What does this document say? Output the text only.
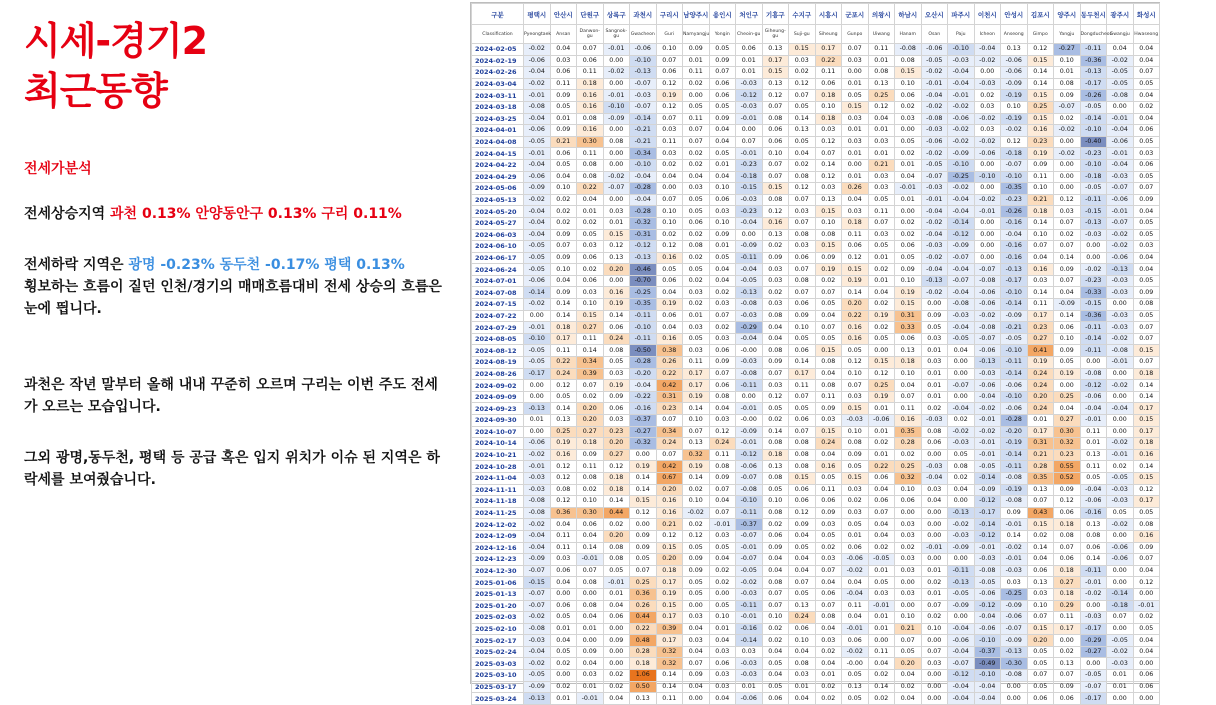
시세-경기2
최근동향
전세가분석
전세상승지역 과천 0.13% 안양동안구 0.13% 구리 0.11%
전세하락 지역은 광명 -0.23% 동두천 -0.17% 평택 0.13%
횡보하는 흐름이 짙던 인천/경기의 매매흐름대비 전세 상승의 흐름은 눈에 띕니다.
과천은 작년 말부터 올해 내내 꾸준히 오르며 구리는 이번 주도 전세가 오르는 모습입니다.
그외 광명,동두천, 평택 등 공급 혹은 입지 위치가 이슈 된 지역은 하락세를 보여줬습니다.
구분	평택시	안산시	단원구	상록구	과천시	구리시	남양주시	용인시	처인구	기흥구	수지구	시흥시	군포시	의왕시	하남시	오산시	파주시	이천시	안성시	김포시	양주시	동두천시	광주시	화성시
Classification	Pyeongtaek	Ansan	Danwon-gu	Sangnok-gu	Gwacheon	Guri	Namyangju	Yongin	Cheoin-gu	Giheung-gu	Suji-gu	Siheung	Gunpo	Uiwang	Hanam	Osan	Paju	Icheon	Anseong	Gimpo	Yangju	Dongducheon	Gwangju	Hwaseong
2024-02-05	-0.02	0.04	0.07	-0.01	-0.06	0.10	0.09	0.05	0.06	0.13	0.15	0.17	0.07	0.11	-0.08	-0.06	-0.10	-0.04	0.13	0.12	-0.27	-0.11	0.04	0.04
2024-02-19	-0.06	0.03	0.06	0.00	-0.10	0.07	0.01	0.09	0.01	0.17	0.03	0.22	0.03	0.01	0.08	-0.05	-0.03	-0.02	-0.06	0.15	0.10	-0.36	-0.02	0.04
2024-02-26	-0.04	0.06	0.11	-0.02	-0.13	0.06	0.11	0.07	0.01	0.15	0.02	0.11	0.00	0.08	0.15	-0.02	-0.04	0.00	-0.06	0.14	0.01	-0.13	-0.05	0.07
2024-03-04	-0.02	0.11	0.18	0.00	-0.07	0.12	0.02	0.06	-0.03	0.13	0.12	0.06	0.01	0.13	0.10	-0.01	-0.04	-0.03	-0.09	0.14	0.08	-0.17	-0.05	0.05
2024-03-11	-0.01	0.09	0.16	-0.01	-0.03	0.19	0.00	0.06	-0.12	0.12	0.07	0.18	0.05	0.25	0.06	-0.04	-0.01	0.02	-0.19	0.15	0.09	-0.26	-0.08	0.04
2024-03-18	-0.08	0.05	0.16	-0.10	-0.07	0.12	0.05	0.05	-0.03	0.07	0.05	0.10	0.15	0.12	0.02	-0.02	-0.02	0.03	0.10	0.25	-0.07	-0.05	0.00	0.02
2024-03-25	-0.04	0.01	0.08	-0.09	-0.14	0.07	0.11	0.09	-0.01	0.08	0.14	0.18	0.03	0.04	0.03	-0.08	-0.06	-0.02	-0.19	0.15	0.02	-0.14	-0.01	0.04
2024-04-01	-0.06	0.09	0.16	0.00	-0.21	0.03	0.07	0.04	0.00	0.06	0.13	0.03	0.01	0.01	0.00	-0.03	-0.02	0.03	-0.02	0.16	-0.02	-0.10	-0.04	0.06
2024-04-08	-0.05	0.21	0.30	0.08	-0.21	0.11	0.07	0.04	0.07	0.06	0.05	0.12	0.03	0.03	0.05	-0.06	-0.02	-0.02	0.12	0.23	0.00	-0.40	-0.06	0.05
2024-04-15	-0.01	0.06	0.11	0.00	-0.34	0.03	0.02	0.05	-0.01	0.10	0.04	0.07	0.01	0.01	0.02	-0.02	-0.09	-0.06	-0.18	0.19	-0.02	-0.23	-0.01	0.03
2024-04-22	-0.04	0.05	0.08	0.00	-0.10	0.02	0.02	0.01	-0.23	0.07	0.02	0.14	0.00	0.21	0.01	-0.05	-0.10	0.00	-0.07	0.09	0.00	-0.10	-0.04	0.06
2024-04-29	-0.06	0.04	0.08	-0.02	-0.04	0.04	0.04	0.04	-0.18	0.07	0.08	0.12	0.01	0.03	0.04	-0.07	-0.25	-0.10	-0.10	0.11	0.00	-0.18	-0.03	0.05
2024-05-06	-0.09	0.10	0.22	-0.07	-0.28	0.00	0.03	0.10	-0.15	0.15	0.12	0.03	0.26	0.03	-0.01	-0.03	-0.02	0.00	-0.35	0.10	0.00	-0.05	-0.07	0.07
2024-05-13	-0.02	0.02	0.04	0.00	-0.04	0.07	0.05	0.06	-0.03	0.08	0.07	0.13	0.04	0.05	0.01	-0.01	-0.04	-0.02	-0.23	0.21	0.12	-0.11	-0.06	0.09
2024-05-20	-0.04	0.02	0.01	0.03	-0.28	0.10	0.05	0.03	-0.23	0.12	0.03	0.15	0.03	0.11	0.00	-0.04	-0.04	-0.01	-0.26	0.18	0.03	-0.15	-0.01	0.04
2024-05-27	-0.04	0.02	0.02	0.01	-0.32	0.10	0.06	0.10	-0.04	0.16	0.07	0.10	0.18	0.07	0.02	-0.02	-0.14	0.00	-0.16	0.14	0.07	-0.13	-0.07	0.05
2024-06-03	-0.04	0.09	0.05	0.15	-0.31	0.02	0.02	0.09	0.00	0.13	0.08	0.08	0.11	0.03	0.02	-0.04	-0.12	0.00	-0.04	0.10	0.02	-0.03	-0.02	0.05
2024-06-10	-0.05	0.07	0.03	0.12	-0.12	0.12	0.08	0.01	-0.09	0.02	0.03	0.15	0.06	0.05	0.06	-0.03	-0.09	0.00	-0.16	0.07	0.07	0.00	-0.02	0.03
2024-06-17	-0.05	0.09	0.06	0.13	-0.13	0.16	0.02	0.05	-0.11	0.09	0.06	0.09	0.12	0.01	0.05	-0.02	-0.07	0.00	-0.16	0.04	0.14	0.00	-0.06	0.04
2024-06-24	-0.05	0.10	0.02	0.20	-0.46	0.05	0.05	0.04	-0.04	0.03	0.07	0.19	0.15	0.02	0.09	-0.04	-0.04	-0.07	-0.13	0.16	0.09	-0.02	-0.13	0.04
2024-07-01	-0.06	0.04	0.06	0.00	-0.70	0.06	0.02	0.04	-0.05	0.03	0.08	0.02	0.19	0.01	0.10	-0.13	-0.07	-0.08	-0.17	0.03	0.07	-0.23	-0.03	0.05
2024-07-08	-0.14	0.09	0.03	0.16	-0.25	0.04	0.03	0.02	-0.13	0.02	0.07	0.07	0.14	0.04	0.19	-0.02	-0.04	-0.06	-0.10	0.14	0.04	-0.33	-0.03	0.09
2024-07-15	-0.02	0.14	0.10	0.19	-0.35	0.19	0.02	0.03	-0.08	0.03	0.06	0.05	0.20	0.02	0.15	0.00	-0.08	-0.06	-0.14	0.11	-0.09	-0.15	0.00	0.08
2024-07-22	0.00	0.14	0.15	0.14	-0.11	0.06	0.01	0.07	-0.03	0.08	0.09	0.04	0.22	0.19	0.31	0.09	-0.03	-0.02	-0.09	0.17	0.14	-0.36	-0.03	0.05
2024-07-29	-0.01	0.18	0.27	0.06	-0.10	0.04	0.03	0.02	-0.29	0.04	0.10	0.07	0.16	0.02	0.33	0.05	-0.04	-0.08	-0.21	0.23	0.06	-0.11	-0.03	0.07
2024-08-05	-0.10	0.17	0.11	0.24	-0.11	0.16	0.05	0.03	-0.04	0.04	0.05	0.05	0.16	0.05	0.06	0.03	-0.05	-0.07	-0.05	0.27	0.10	-0.14	-0.02	0.07
2024-08-12	-0.05	0.11	0.14	0.08	-0.50	0.38	0.03	0.06	-0.00	0.08	0.06	0.15	0.05	0.00	0.13	0.01	0.04	-0.06	-0.10	0.41	0.09	-0.11	-0.08	0.15
2024-08-19	-0.05	0.22	0.34	0.05	-0.28	0.26	0.11	0.09	-0.03	0.09	0.14	0.08	0.12	0.15	0.18	0.03	0.00	-0.13	-0.11	0.19	0.05	0.00	-0.01	0.07
2024-08-26	-0.17	0.24	0.39	0.03	-0.20	0.22	0.17	0.07	-0.08	0.07	0.17	0.04	0.10	0.12	0.10	0.01	0.00	-0.03	-0.14	0.24	0.19	-0.08	0.00	0.18
2024-09-02	0.00	0.12	0.07	0.19	-0.04	0.42	0.17	0.06	-0.11	0.03	0.11	0.08	0.07	0.25	0.04	0.01	-0.07	-0.06	-0.06	0.24	0.00	-0.12	-0.02	0.14
2024-09-09	0.00	0.05	0.02	0.09	-0.22	0.31	0.19	0.08	0.00	0.12	0.07	0.11	0.03	0.19	0.07	0.01	0.00	-0.04	-0.10	0.20	0.25	-0.06	0.00	0.14
2024-09-23	-0.13	0.14	0.20	0.06	-0.16	0.23	0.14	0.04	-0.01	0.05	0.05	0.09	0.15	0.01	0.11	0.02	-0.04	-0.02	-0.06	0.24	0.04	-0.04	-0.04	0.17
2024-09-30	0.01	0.13	0.20	0.03	-0.37	0.07	0.10	0.03	-0.00	0.02	0.06	0.03	-0.03	-0.06	0.16	-0.03	0.02	-0.01	-0.28	0.01	0.27	-0.01	0.00	0.15
2024-10-07	0.00	0.25	0.27	0.23	-0.27	0.34	0.07	0.12	-0.09	0.14	0.07	0.15	0.10	0.01	0.35	0.08	-0.02	-0.02	-0.20	0.17	0.30	0.11	0.00	0.17
2024-10-14	-0.06	0.19	0.18	0.20	-0.32	0.24	0.13	0.24	-0.01	0.08	0.08	0.24	0.08	0.02	0.28	0.06	-0.03	-0.01	-0.19	0.31	0.32	0.01	-0.02	0.18
2024-10-21	-0.02	0.16	0.09	0.27	0.00	0.07	0.32	0.11	-0.12	0.18	0.08	0.04	0.09	0.01	0.02	0.00	0.05	-0.01	-0.14	0.21	0.23	0.13	-0.01	0.16
2024-10-28	-0.01	0.12	0.11	0.12	0.19	0.42	0.19	0.08	-0.06	0.13	0.08	0.16	0.05	0.22	0.25	-0.03	0.08	-0.05	-0.11	0.28	0.55	0.11	0.02	0.14
2024-11-04	-0.03	0.12	0.08	0.18	0.14	0.67	0.14	0.09	-0.07	0.08	0.15	0.05	0.15	0.06	0.32	-0.04	0.02	-0.14	-0.08	0.35	0.52	0.05	-0.05	0.15
2024-11-11	-0.03	0.08	0.02	0.18	0.14	0.20	0.02	0.07	-0.08	0.05	0.06	0.11	0.03	0.04	0.10	0.03	0.04	-0.09	-0.19	0.13	0.09	-0.04	-0.03	0.12
2024-11-18	-0.08	0.12	0.10	0.14	0.15	0.16	0.10	0.04	-0.10	0.10	0.06	0.06	0.02	0.06	0.06	0.04	0.00	-0.12	-0.08	0.07	0.12	-0.06	-0.03	0.17
2024-11-25	-0.08	0.36	0.30	0.44	0.12	0.16	-0.02	0.07	-0.11	0.08	0.12	0.09	0.03	0.07	0.00	0.00	-0.13	-0.17	0.09	0.43	0.06	-0.16	0.05	0.05
2024-12-02	-0.02	0.04	0.06	0.02	0.00	0.21	0.02	-0.01	-0.37	0.02	0.09	0.03	0.05	0.04	0.03	0.00	-0.02	-0.14	-0.01	0.15	0.18	0.13	-0.02	0.08
2024-12-09	-0.04	0.11	0.04	0.20	0.09	0.12	0.12	0.03	-0.07	0.06	0.04	0.05	0.01	0.04	0.03	0.00	-0.03	-0.12	0.14	0.02	0.08	0.08	0.00	0.16
2024-12-16	-0.04	0.11	0.14	0.08	0.09	0.15	0.05	0.05	-0.01	0.09	0.05	0.02	0.06	0.02	0.02	-0.01	-0.09	-0.01	-0.02	0.14	0.07	0.06	-0.06	0.09
2024-12-23	-0.09	0.03	-0.01	0.08	0.05	0.20	0.09	0.04	-0.07	0.04	0.04	0.03	-0.06	-0.05	0.03	0.00	0.00	-0.03	-0.01	0.04	0.06	0.14	-0.06	0.07
2024-12-30	-0.07	0.06	0.07	0.05	0.07	0.18	0.09	0.02	-0.05	0.04	0.04	0.07	-0.02	0.01	0.03	0.01	-0.11	-0.08	-0.03	0.06	0.18	-0.11	0.00	0.04
2025-01-06	-0.15	0.04	0.08	-0.01	0.25	0.17	0.05	0.02	-0.02	0.08	0.07	0.04	0.04	0.05	0.00	0.02	-0.13	-0.05	0.03	0.13	0.27	-0.01	0.00	0.12
2025-01-13	-0.07	0.00	0.00	0.01	0.36	0.19	0.05	0.00	-0.03	0.07	0.05	0.06	-0.04	0.03	0.03	0.01	-0.05	-0.06	-0.25	0.03	0.18	-0.02	-0.14	0.00
2025-01-20	-0.07	0.06	0.08	0.04	0.26	0.15	0.00	0.05	-0.11	0.07	0.13	0.07	0.11	-0.01	0.00	0.07	-0.09	-0.12	-0.09	0.10	0.29	0.00	-0.18	-0.01
2025-02-03	-0.02	0.05	0.04	0.06	0.44	0.17	0.03	0.10	-0.01	0.10	0.24	0.08	0.04	0.01	0.10	0.02	0.00	-0.04	-0.06	0.07	0.11	-0.03	0.07	0.02
2025-02-10	-0.08	0.01	0.01	0.00	0.22	0.39	0.04	0.01	-0.16	0.02	0.06	0.04	-0.01	0.01	0.21	0.10	-0.04	-0.06	-0.07	0.15	0.17	-0.17	0.00	0.05
2025-02-17	-0.03	0.04	0.00	0.09	0.48	0.17	0.03	0.04	-0.14	0.02	0.10	0.03	0.06	0.00	0.07	0.00	-0.06	-0.10	-0.09	0.20	0.00	-0.29	-0.05	0.04
2025-02-24	-0.04	0.05	0.09	0.00	0.28	0.32	0.04	0.03	0.03	0.04	0.04	0.02	-0.02	0.11	0.05	0.07	-0.04	-0.37	-0.13	0.05	0.02	-0.27	-0.02	0.04
2025-03-03	-0.02	0.02	0.04	0.00	0.18	0.32	0.07	0.06	-0.03	0.05	0.08	0.04	-0.00	0.04	0.20	0.03	-0.07	-0.49	-0.30	0.05	0.13	0.00	-0.03	0.00
2025-03-10	-0.05	0.00	0.03	0.02	1.06	0.14	0.09	0.03	-0.03	0.04	0.03	0.01	0.05	0.02	0.04	0.00	-0.12	-0.10	-0.08	0.07	0.07	-0.05	0.01	0.06
2025-03-17	-0.09	0.02	0.01	0.02	0.50	0.14	0.04	0.03	0.01	0.05	0.01	0.02	0.13	0.14	0.02	0.00	-0.04	-0.04	0.00	0.05	0.09	-0.07	0.01	0.06
2025-03-24	-0.13	0.01	-0.01	0.04	0.13	0.11	0.00	0.04	-0.06	0.06	0.04	0.02	0.05	0.02	0.04	0.00	-0.04	-0.04	0.00	0.06	0.06	-0.17	0.00	0.00
